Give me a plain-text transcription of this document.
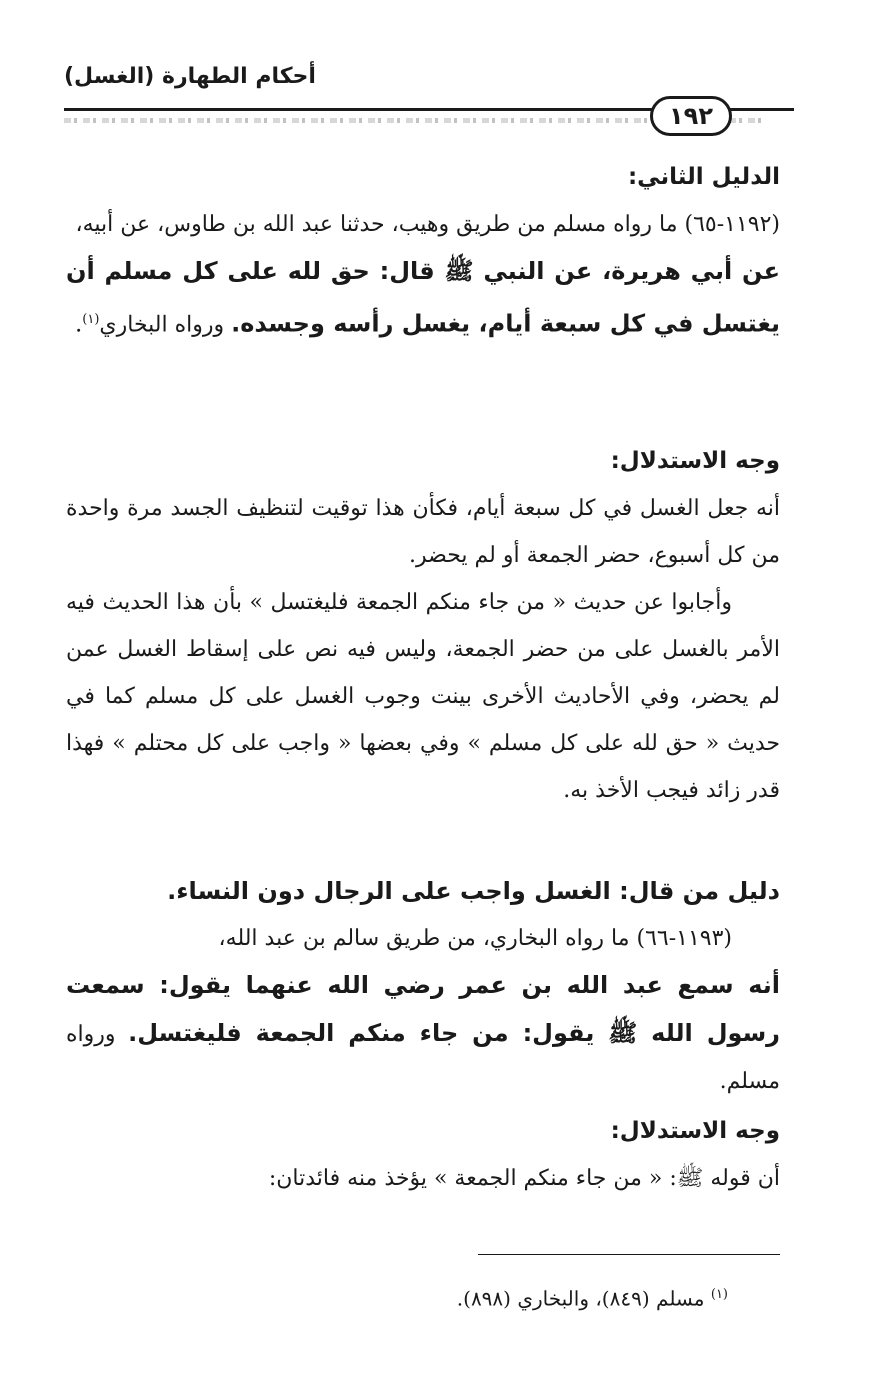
أحكام الطهارة (الغسل)
١٩٢

الدليل الثاني:

(١١٩٢-٦٥) ما رواه مسلم من طريق وهيب، حدثنا عبد الله بن طاوس، عن أبيه،

عن أبي هريرة، عن النبي ﷺ قال: حق لله على كل مسلم أن يغتسل في كل سبعة أيام، يغسل رأسه وجسده. ورواه البخاري$^{(١)}$.

وجه الاستدلال:

أنه جعل الغسل في كل سبعة أيام، فكأن هذا توقيت لتنظيف الجسد مرة واحدة من كل أسبوع، حضر الجمعة أو لم يحضر.

وأجابوا عن حديث « من جاء منكم الجمعة فليغتسل » بأن هذا الحديث فيه الأمر بالغسل على من حضر الجمعة، وليس فيه نص على إسقاط الغسل عمن لم يحضر، وفي الأحاديث الأخرى بينت وجوب الغسل على كل مسلم كما في حديث « حق لله على كل مسلم » وفي بعضها « واجب على كل محتلم » فهذا قدر زائد فيجب الأخذ به.

دليل من قال: الغسل واجب على الرجال دون النساء.

(١١٩٣-٦٦) ما رواه البخاري، من طريق سالم بن عبد الله،

أنه سمع عبد الله بن عمر رضي الله عنهما يقول: سمعت رسول الله ﷺ يقول: من جاء منكم الجمعة فليغتسل. ورواه مسلم.

وجه الاستدلال:

أن قوله ﷺ: « من جاء منكم الجمعة » يؤخذ منه فائدتان:

$^{(١)}$ مسلم (٨٤٩)، والبخاري (٨٩٨).
